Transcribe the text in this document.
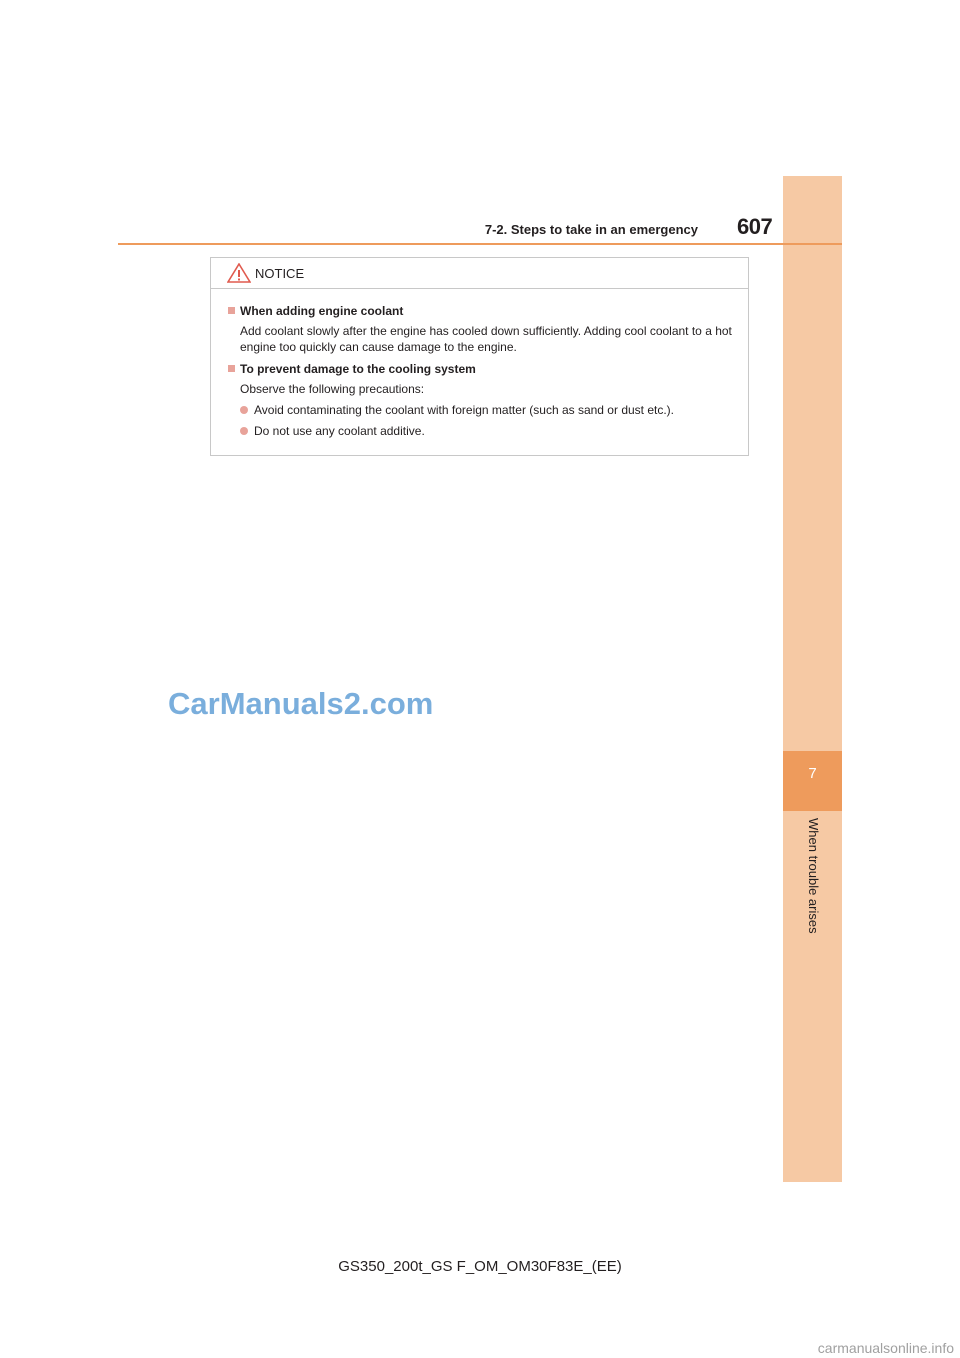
7
When trouble arises
7-2. Steps to take in an emergency 607
NOTICE
When adding engine coolant
Add coolant slowly after the engine has cooled down sufficiently. Adding cool coolant to a hot engine too quickly can cause damage to the engine.
To prevent damage to the cooling system
Observe the following precautions:
Avoid contaminating the coolant with foreign matter (such as sand or dust etc.).
Do not use any coolant additive.
CarManuals2.com
GS350_200t_GS F_OM_OM30F83E_(EE)
carmanualsonline.info
